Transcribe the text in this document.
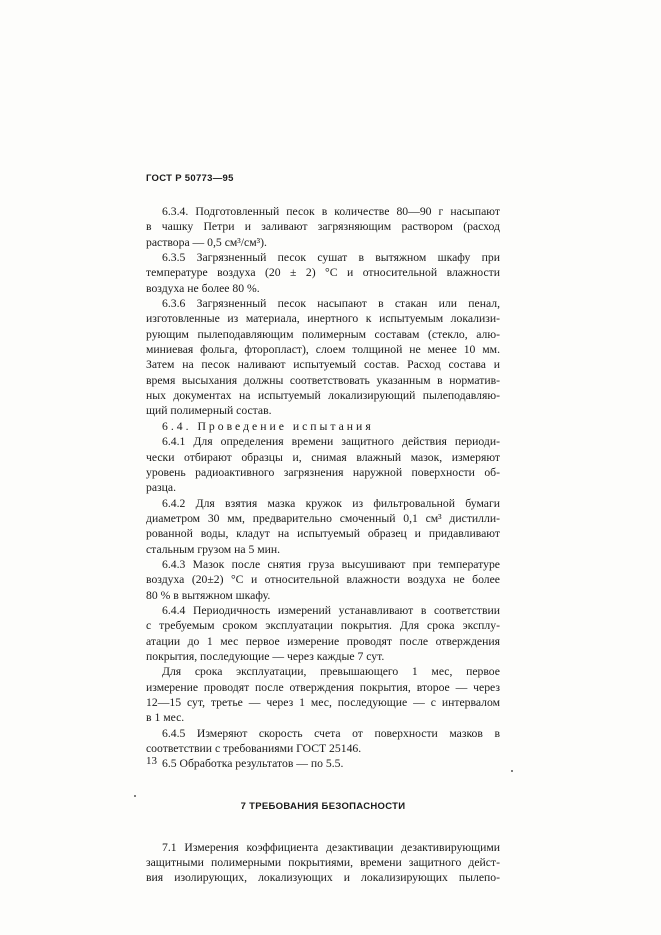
ГОСТ Р 50773—95
6.3.4. Подготовленный песок в количестве 80—90 г насыпают
в чашку Петри и заливают загрязняющим раствором (расход
раствора — 0,5 см³/см³).
6.3.5 Загрязненный песок сушат в вытяжном шкафу при
температуре воздуха (20 ± 2) °С и относительной влажности
воздуха не более 80 %.
6.3.6 Загрязненный песок насыпают в стакан или пенал,
изготовленные из материала, инертного к испытуемым локализи-
рующим пылеподавляющим полимерным составам (стекло, алю-
миниевая фольга, фторопласт), слоем толщиной не менее 10 мм.
Затем на песок наливают испытуемый состав. Расход состава и
время высыхания должны соответствовать указанным в норматив-
ных документах на испытуемый локализирующий пылеподавляю-
щий полимерный состав.
6.4. Проведение испытания
6.4.1 Для определения времени защитного действия периоди-
чески отбирают образцы и, снимая влажный мазок, измеряют
уровень радиоактивного загрязнения наружной поверхности об-
разца.
6.4.2 Для взятия мазка кружок из фильтровальной бумаги
диаметром 30 мм, предварительно смоченный 0,1 см³ дистилли-
рованной воды, кладут на испытуемый образец и придавливают
стальным грузом на 5 мин.
6.4.3 Мазок после снятия груза высушивают при температуре
воздуха (20±2) °С и относительной влажности воздуха не более
80 % в вытяжном шкафу.
6.4.4 Периодичность измерений устанавливают в соответствии
с требуемым сроком эксплуатации покрытия. Для срока эксплу-
атации до 1 мес первое измерение проводят после отверждения
покрытия, последующие — через каждые 7 сут.
Для срока эксплуатации, превышающего 1 мес, первое
измерение проводят после отверждения покрытия, второе — через
12—15 сут, третье — через 1 мес, последующие — с интервалом
в 1 мес.
6.4.5 Измеряют скорость счета от поверхности мазков в
соответствии с требованиями ГОСТ 25146.
6.5 Обработка результатов — по 5.5.
7 ТРЕБОВАНИЯ БЕЗОПАСНОСТИ
7.1 Измерения коэффициента дезактивации дезактивирующими
защитными полимерными покрытиями, времени защитного дейст-
вия изолирующих, локализующих и локализирующих пылепо-
13
